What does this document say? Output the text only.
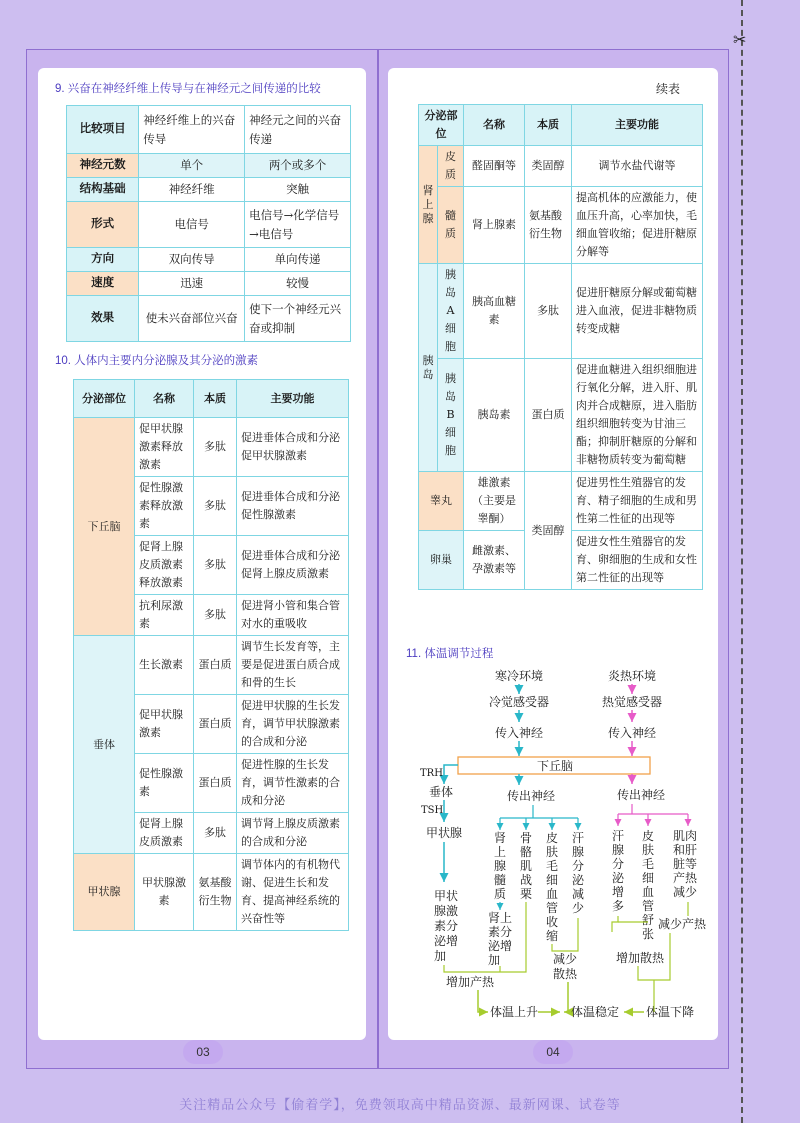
✂
9. 兴奋在神经纤维上传导与在神经元之间传递的比较
比较项目	神经纤维上的兴奋传导	神经元之间的兴奋传递
神经元数	单个	两个或多个
结构基础	神经纤维	突触
形式	电信号	电信号→化学信号→电信号
方向	双向传导	单向传递
速度	迅速	较慢
效果	使未兴奋部位兴奋	使下一个神经元兴奋或抑制
10. 人体内主要内分泌腺及其分泌的激素
分泌部位	名称	本质	主要功能
下丘脑	促甲状腺激素释放激素	多肽	促进垂体合成和分泌促甲状腺激素
	促性腺激素释放激素	多肽	促进垂体合成和分泌促性腺激素
	促肾上腺皮质激素释放激素	多肽	促进垂体合成和分泌促肾上腺皮质激素
	抗利尿激素	多肽	促进肾小管和集合管对水的重吸收
垂体	生长激素	蛋白质	调节生长发育等，主要是促进蛋白质合成和骨的生长
	促甲状腺激素	蛋白质	促进甲状腺的生长发育，调节甲状腺激素的合成和分泌
	促性腺激素	蛋白质	促进性腺的生长发育，调节性激素的合成和分泌
	促肾上腺皮质激素	多肽	调节肾上腺皮质激素的合成和分泌
甲状腺	甲状腺激素	氨基酸衍生物	调节体内的有机物代谢、促进生长和发育、提高神经系统的兴奋性等
03
续表
分泌部位		名称	本质	主要功能
肾上腺	皮质	醛固酮等	类固醇	调节水盐代谢等
	髓质	肾上腺素	氨基酸衍生物	提高机体的应激能力，使血压升高，心率加快，毛细血管收缩；促进肝糖原分解等
胰岛	胰岛A细胞	胰高血糖素	多肽	促进肝糖原分解或葡萄糖进入血液，促进非糖物质转变成糖
	胰岛B细胞	胰岛素	蛋白质	促进血糖进入组织细胞进行氧化分解，进入肝、肌肉并合成糖原，进入脂肪组织细胞转变为甘油三酯；抑制肝糖原的分解和非糖物质转变为葡萄糖
睾丸		雄激素（主要是睾酮）	类固醇	促进男性生殖器官的发育、精子细胞的生成和男性第二性征的出现等
卵巢		雌激素、孕激素等		促进女性生殖器官的发育、卵细胞的生成和女性第二性征的出现等
11. 体温调节过程
寒冷环境
冷觉感受器
传入神经
炎热环境
热觉感受器
传入神经
下丘脑
TRH
垂体
TSH
甲状腺
甲状腺激素分泌增加
传出神经
肾上腺髓质
肾上素分泌增加
骨骼肌战栗
皮肤毛细血管收缩
汗腺分泌减少
减少散热
增加产热
体温上升	体温稳定 体温下降
传出神经
汗腺分泌增多
皮肤毛细血管舒张
肌肉和肝脏等产热减少
减少产热
增加散热
04
关注精品公众号【偷着学】，免费领取高中精品资源、最新网课、试卷等
